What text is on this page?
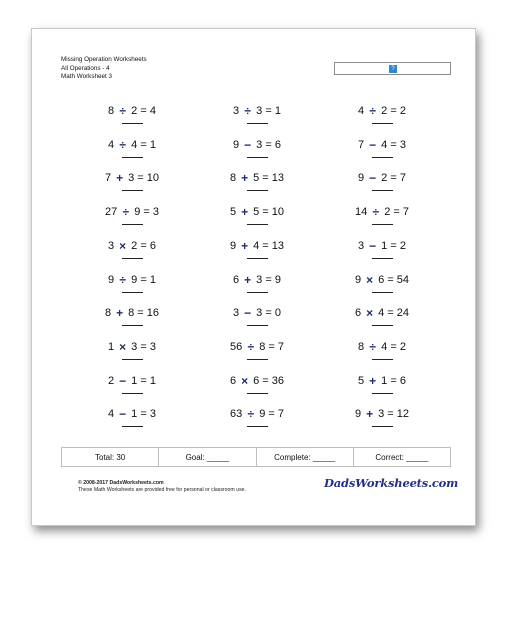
Missing Operation Worksheets
All Operations - 4
Math Worksheet 3
?
8 ÷ 2 = 4
4 ÷ 4 = 1
7 + 3 = 10
27 ÷ 9 = 3
3 × 2 = 6
9 ÷ 9 = 1
8 + 8 = 16
1 × 3 = 3
2 − 1 = 1
4 − 1 = 3
3 ÷ 3 = 1
9 − 3 = 6
8 + 5 = 13
5 + 5 = 10
9 + 4 = 13
6 + 3 = 9
3 − 3 = 0
56 ÷ 8 = 7
6 × 6 = 36
63 ÷ 9 = 7
4 ÷ 2 = 2
7 − 4 = 3
9 − 2 = 7
14 ÷ 2 = 7
3 − 1 = 2
9 × 6 = 54
6 × 4 = 24
8 ÷ 4 = 2
5 + 1 = 6
9 + 3 = 12
Total: 30	Goal: _____	Complete: _____	Correct: _____
© 2008-2017 DadsWorksheets.com
These Math Worksheets are provided free for personal or classroom use.	DadsWorksheets.com
